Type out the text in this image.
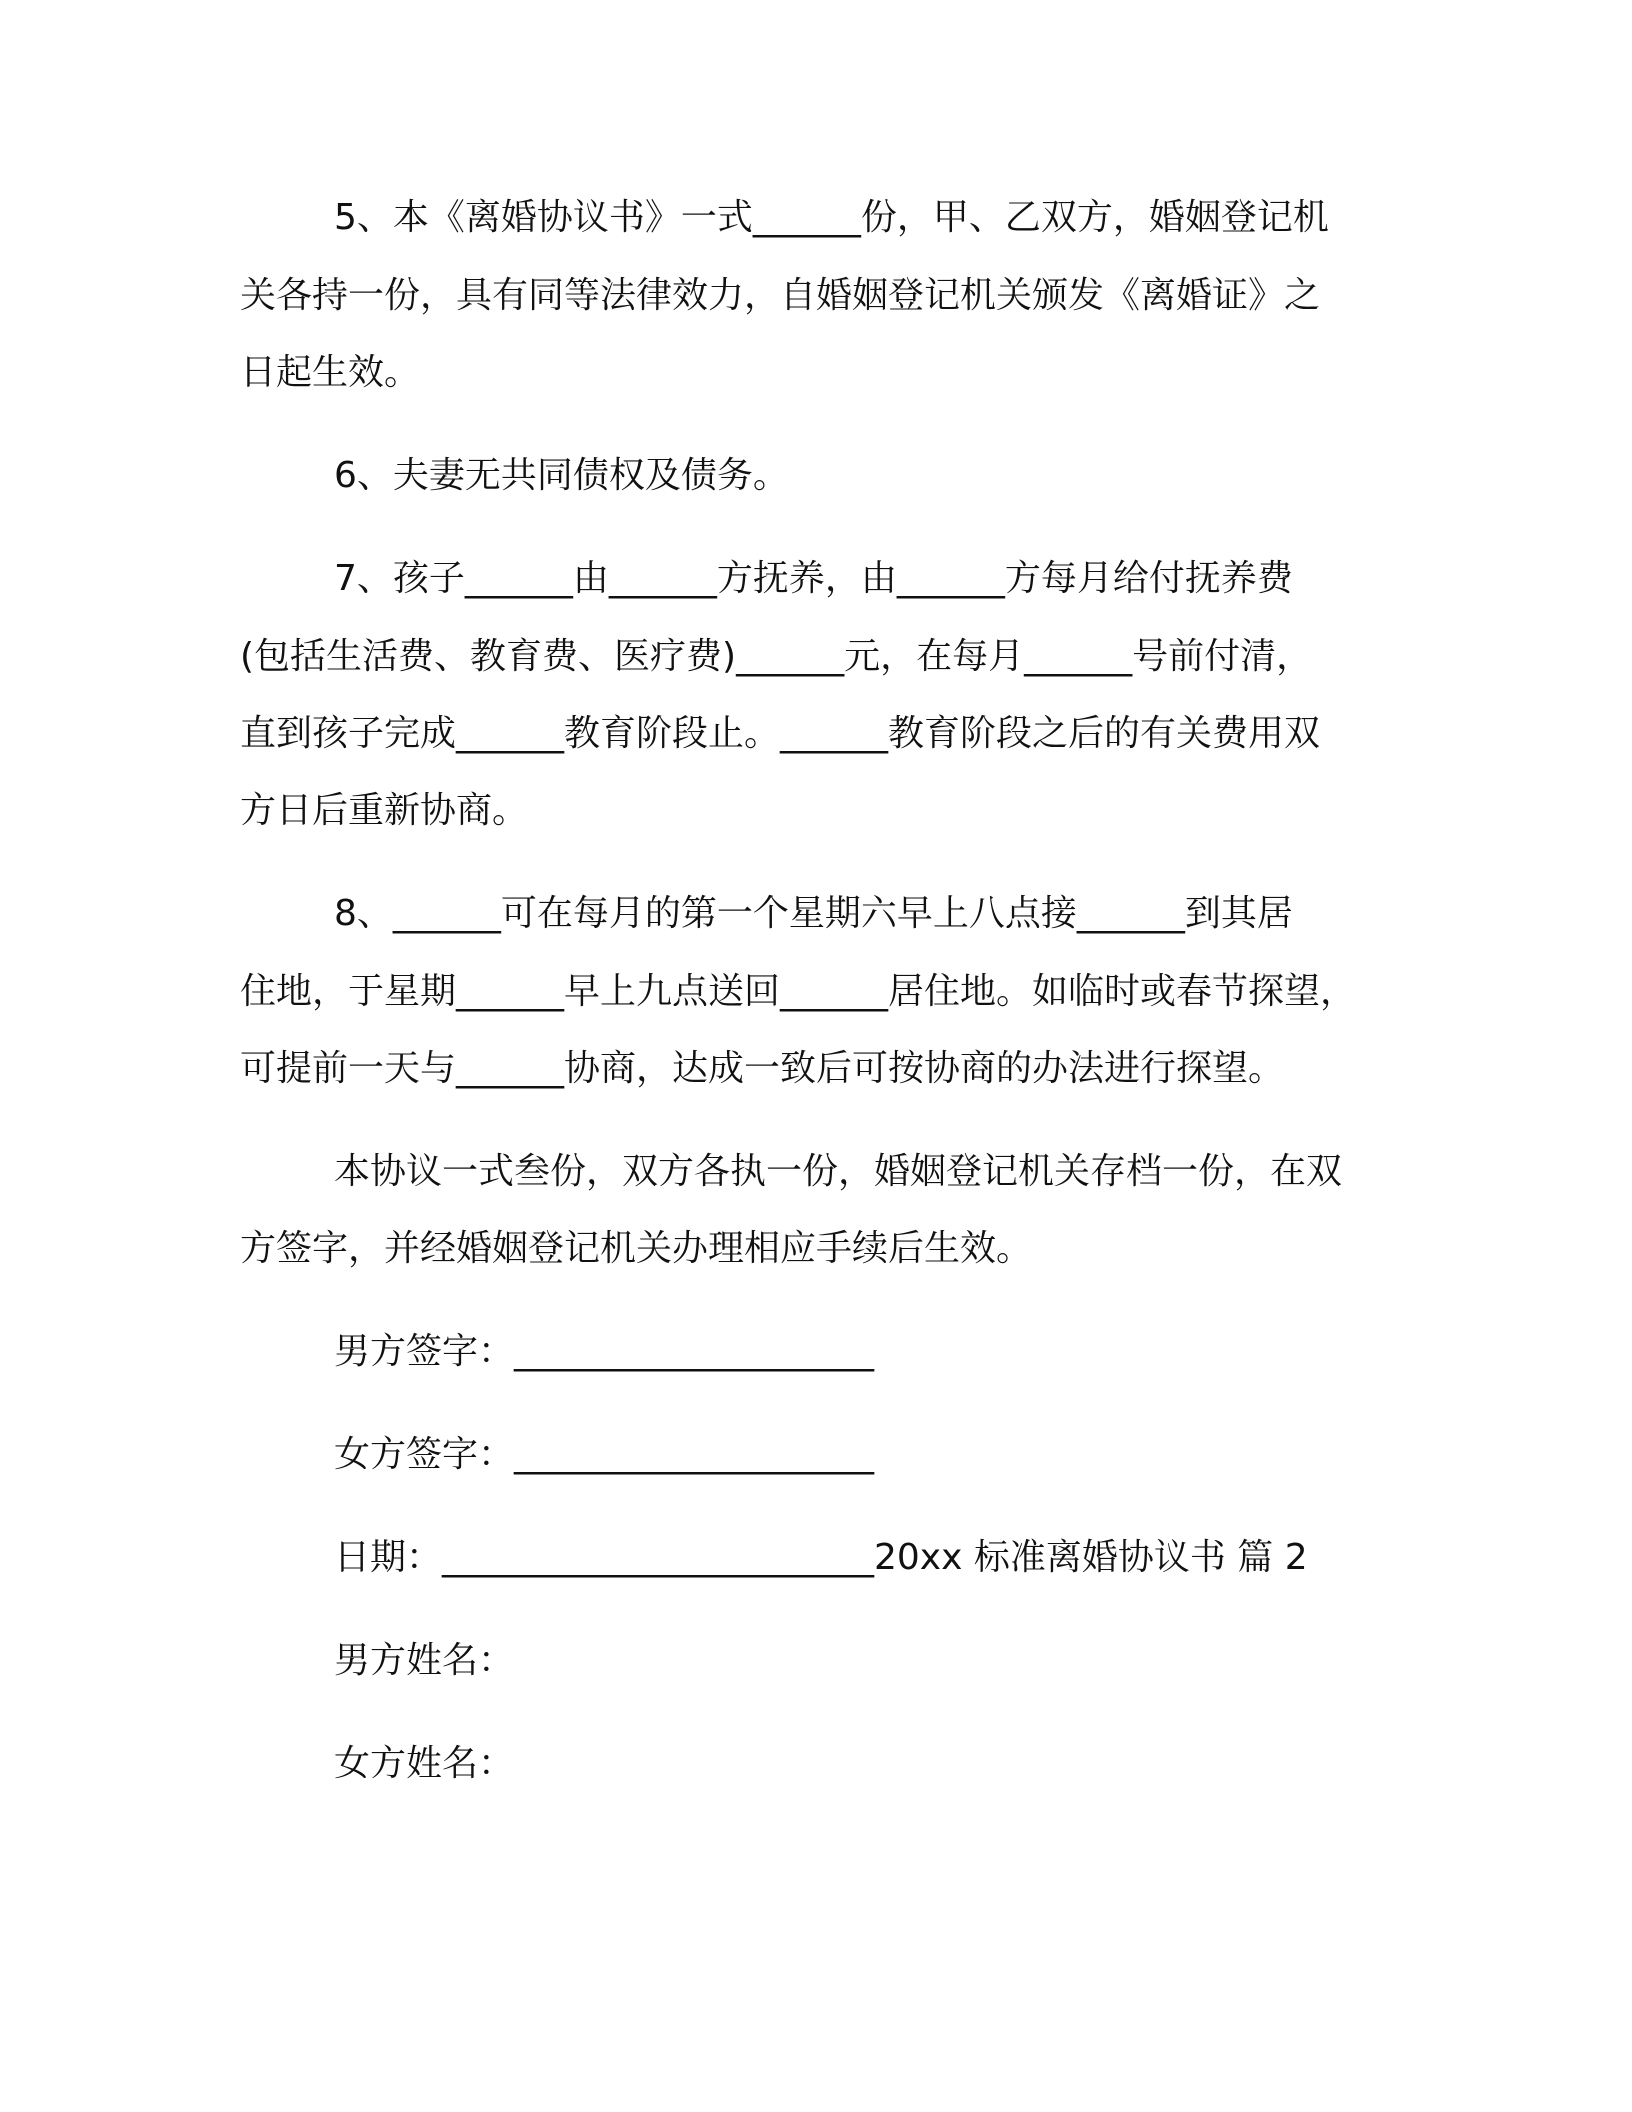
5、本《离婚协议书》一式______份，甲、乙双方，婚姻登记机
关各持一份，具有同等法律效力，自婚姻登记机关颁发《离婚证》之
日起生效。
6、夫妻无共同债权及债务。
7、孩子______由______方抚养，由______方每月给付抚养费
(包括生活费、教育费、医疗费)______元，在每月______号前付清，
直到孩子完成______教育阶段止。______教育阶段之后的有关费用双
方日后重新协商。
8、______可在每月的第一个星期六早上八点接______到其居
住地，于星期______早上九点送回______居住地。如临时或春节探望，
可提前一天与______协商，达成一致后可按协商的办法进行探望。
本协议一式叁份，双方各执一份，婚姻登记机关存档一份，在双
方签字，并经婚姻登记机关办理相应手续后生效。
男方签字：____________________
女方签字：____________________
日期：________________________20xx 标准离婚协议书 篇 2
男方姓名：
女方姓名：
